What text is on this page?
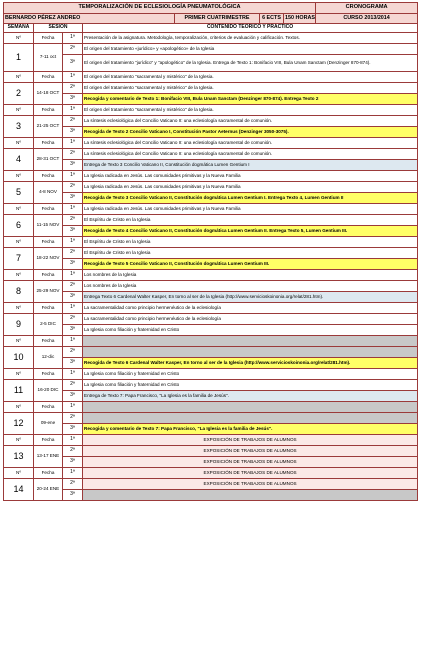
TEMPORALIZACIÓN DE ECLESIOLOGÍA PNEUMATOLÓGICA							CRONOGRAMA
BERNARDO PÉREZ ANDREO				PRIMER CUATRIMESTRE	6 ECTS	150 HORAS	CURSO 2013/2014
SEMANA	SESIÓN		CONTENIDO TEÓRICO Y PRÁCTICO				
Nº	Fecha	1ª	Presentación de la asignatura. Metodología, temporalización, criterios de evaluación y calificación. Textos.				
1	7-11 oct	2ª	El origen del tratamiento «jurídico» y «apologético» de la Iglesia				
		3ª	El origen del tratamiento "jurídico" y "apologético" de la Iglesia. Entrega de Texto 1: Bonifacio VIII, Bula Unam Sanctam (Denzinger 870-874).				
Nº	Fecha	1ª	El origen del tratamiento "sacramental y mistérico" de la Iglesia.				
2	14-18 OCT	2ª	El origen del tratamiento "sacramental y mistérico" de la Iglesia.				
		3ª	Recogida y comentario de Texto 1: Bonifacio VIII, Bula Unam Sanctam (Denzinger 870-874). Entrega Texto 2				
Nº	Fecha	1ª	El origen del tratamiento "sacramental y mistérico" de la Iglesia.				
3	21-25 OCT	2ª	La síntesis eclesiológica del Concilio Vaticano II: una eclesiología sacramental de comunión.				
		3ª	Recogida de Texto 2 Concilio Vaticano I, Constitución Pastor Aeternus (Denzinger 3050-3075).				
Nº	Fecha	1ª	La síntesis eclesiológica del Concilio Vaticano II: una eclesiología sacramental de comunión.				
4	28-31 OCT	2ª	La síntesis eclesiológica del Concilio Vaticano II: una eclesiología sacramental de comunión.				
		3ª	Entrega de Texto 3 Concilio Vaticano II, Constitución dogmática Lumen Gentium I				
Nº	Fecha	1ª	La Iglesia radicada en Jesús. Las comunidades primitivas y la Nueva Familia				
5	4-8 NOV	2ª	La Iglesia radicada en Jesús. Las comunidades primitivas y la Nueva Familia				
		3ª	Recogida de Texto 3 Concilio Vaticano II, Constitución dogmática Lumen Gentium I. Entrega Texto 4, Lumen Gentium II				
Nº	Fecha	1ª	La Iglesia radicada en Jesús. Las comunidades primitivas y la Nueva Familia				
6	11-15 NOV	2ª	El Espíritu de Cristo en la Iglesia				
		3ª	Recogida de Texto 4 Concilio Vaticano II, Constitución dogmática Lumen Gentium II. Entrega Texto 5, Lumen Gentium III.				
Nº	Fecha	1ª	El Espíritu de Cristo en la Iglesia				
7	18-22 NOV	2ª	El Espíritu de Cristo en la Iglesia				
		3ª	Recogida de Texto 5 Concilio Vaticano II, Constitución dogmática Lumen Gentium III.				
Nº	Fecha	1ª	Los nombres de la Iglesia				
8	25-29 NOV	2ª	Los nombres de la Iglesia				
		3ª	Entrega Texto 6 Cardenal Walter Kasper, En torno al ser de la Iglesia (http://www.servicioskoinonia.org/relat/281.htm).				
Nº	Fecha	1ª	La sacramentalidad como principio hermenéutico de la eclesiología				
9	2-5 DIC	2ª	La sacramentalidad como principio hermenéutico de la eclesiología				
		3ª	La Iglesia como filiación y fraternidad en Cristo				
Nº	Fecha	1ª					
10	12-dic	2ª					
		3ª	Recogida de Texto 6 Cardenal Walter Kasper, En torno al ser de la Iglesia (http://www.servicioskoinonia.org/relat/281.htm).				
Nº	Fecha	1ª	La Iglesia como filiación y fraternidad en Cristo				
11	16-20 DIC	2ª	La Iglesia como filiación y fraternidad en Cristo				
		3ª	Entrega de Texto 7: Papa Francisco, "La Iglesia es la familia de Jesús".				
Nº	Fecha	1ª					
12	09-ene	2ª					
		3ª	Recogida y comentario de Texto 7: Papa Francisco, "La Iglesia es la familia de Jesús".				
Nº	Fecha	1ª	EXPOSICIÓN DE TRABAJOS DE ALUMNOS				
13	13-17 ENE	2ª	EXPOSICIÓN DE TRABAJOS DE ALUMNOS				
		3ª	EXPOSICIÓN DE TRABAJOS DE ALUMNOS				
Nº	Fecha	1ª	EXPOSICIÓN DE TRABAJOS DE ALUMNOS				
14	20-24 ENE	2ª	EXPOSICIÓN DE TRABAJOS DE ALUMNOS				
		3ª					
